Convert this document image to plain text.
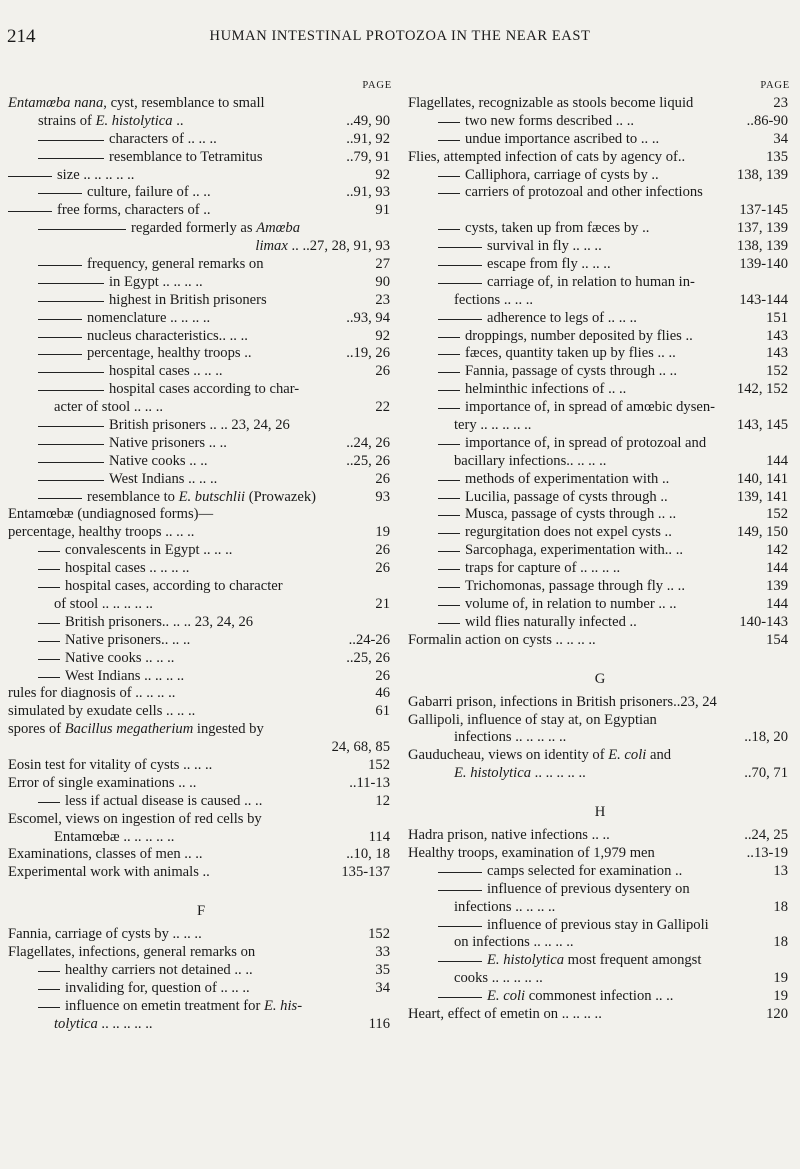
214	HUMAN INTESTINAL PROTOZOA IN THE NEAR EAST
PAGE
Entamœba nana, cyst, resemblance to small
strains of E. histolytica ..	..49, 90
characters of .. .. ..	..91, 92
resemblance to Tetramitus	..79, 91
size .. .. .. .. ..	92
culture, failure of .. ..	..91, 93
free forms, characters of ..	91
regarded formerly as Amœba
limax .. ..27, 28, 91, 93
frequency, general remarks on	27
in Egypt .. .. .. ..	90
highest in British prisoners	23
nomenclature .. .. .. ..	..93, 94
nucleus characteristics.. .. ..	92
percentage, healthy troops ..	..19, 26
hospital cases .. .. ..	26
hospital cases according to char-
acter of stool .. .. ..	22
British prisoners .. .. 23, 24, 26
Native prisoners .. ..	..24, 26
Native cooks .. ..	..25, 26
West Indians .. .. ..	26
resemblance to E. butschlii (Prowazek)	93
Entamœbæ (undiagnosed forms)—
percentage, healthy troops .. .. ..	19
convalescents in Egypt .. .. ..	26
hospital cases .. .. .. ..	26
hospital cases, according to character
of stool .. .. .. .. ..	21
British prisoners.. .. .. 23, 24, 26
Native prisoners.. .. ..	..24-26
Native cooks .. .. ..	..25, 26
West Indians .. .. .. ..	26
rules for diagnosis of .. .. .. ..	46
simulated by exudate cells .. .. ..	61
spores of Bacillus megatherium ingested by
24, 68, 85
Eosin test for vitality of cysts .. .. ..	152
Error of single examinations .. ..	..11-13
less if actual disease is caused .. ..	12
Escomel, views on ingestion of red cells by
Entamœbæ .. .. .. .. ..	114
Examinations, classes of men .. ..	..10, 18
Experimental work with animals ..	135-137
F
Fannia, carriage of cysts by .. .. ..	152
Flagellates, infections, general remarks on	33
healthy carriers not detained .. ..	35
invaliding for, question of .. .. ..	34
influence on emetin treatment for E. his-
tolytica .. .. .. .. ..	116
PAGE
Flagellates, recognizable as stools become liquid	23
two new forms described .. ..	..86-90
undue importance ascribed to .. ..	34
Flies, attempted infection of cats by agency of..	135
Calliphora, carriage of cysts by ..	138, 139
carriers of protozoal and other infections
137-145
cysts, taken up from fæces by ..	137, 139
survival in fly .. .. ..	138, 139
escape from fly .. .. ..	139-140
carriage of, in relation to human in-
fections .. .. ..	143-144
adherence to legs of .. .. ..	151
droppings, number deposited by flies ..	143
fæces, quantity taken up by flies .. ..	143
Fannia, passage of cysts through .. ..	152
helminthic infections of .. ..	142, 152
importance of, in spread of amœbic dysen-
tery .. .. .. .. ..	143, 145
importance of, in spread of protozoal and
bacillary infections.. .. .. ..	144
methods of experimentation with ..	140, 141
Lucilia, passage of cysts through ..	139, 141
Musca, passage of cysts through .. ..	152
regurgitation does not expel cysts ..	149, 150
Sarcophaga, experimentation with.. ..	142
traps for capture of .. .. .. ..	144
Trichomonas, passage through fly .. ..	139
volume of, in relation to number .. ..	144
wild flies naturally infected ..	140-143
Formalin action on cysts .. .. .. ..	154
G
Gabarri prison, infections in British prisoners..23, 24
Gallipoli, influence of stay at, on Egyptian
infections .. .. .. .. ..	..18, 20
Gauducheau, views on identity of E. coli and
E. histolytica .. .. .. .. ..	..70, 71
H
Hadra prison, native infections .. ..	..24, 25
Healthy troops, examination of 1,979 men	..13-19
camps selected for examination ..	13
influence of previous dysentery on
infections .. .. .. ..	18
influence of previous stay in Gallipoli
on infections .. .. .. ..	18
E. histolytica most frequent amongst
cooks .. .. .. .. ..	19
E. coli commonest infection .. ..	19
Heart, effect of emetin on .. .. .. ..	120
